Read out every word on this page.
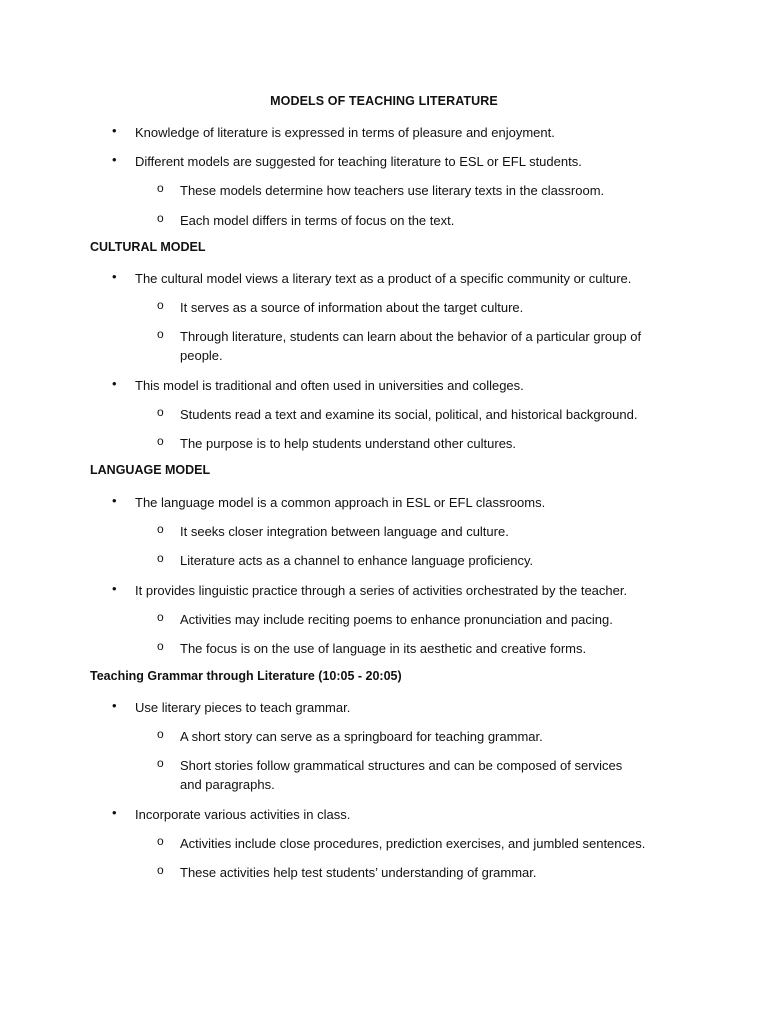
MODELS OF TEACHING LITERATURE
• Knowledge of literature is expressed in terms of pleasure and enjoyment.
• Different models are suggested for teaching literature to ESL or EFL students.
o These models determine how teachers use literary texts in the classroom.
o Each model differs in terms of focus on the text.
CULTURAL MODEL
• The cultural model views a literary text as a product of a specific community or culture.
o It serves as a source of information about the target culture.
o Through literature, students can learn about the behavior of a particular group of people.
• This model is traditional and often used in universities and colleges.
o Students read a text and examine its social, political, and historical background.
o The purpose is to help students understand other cultures.
LANGUAGE MODEL
• The language model is a common approach in ESL or EFL classrooms.
o It seeks closer integration between language and culture.
o Literature acts as a channel to enhance language proficiency.
• It provides linguistic practice through a series of activities orchestrated by the teacher.
o Activities may include reciting poems to enhance pronunciation and pacing.
o The focus is on the use of language in its aesthetic and creative forms.
Teaching Grammar through Literature (10:05 - 20:05)
• Use literary pieces to teach grammar.
o A short story can serve as a springboard for teaching grammar.
o Short stories follow grammatical structures and can be composed of services and paragraphs.
• Incorporate various activities in class.
o Activities include close procedures, prediction exercises, and jumbled sentences.
o These activities help test students’ understanding of grammar.
